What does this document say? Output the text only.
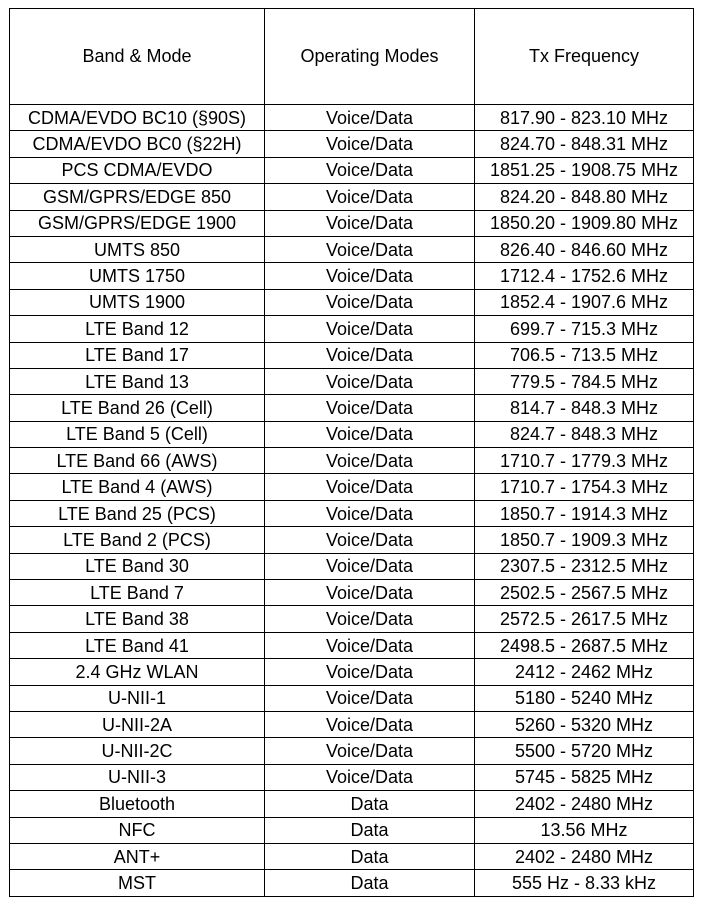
Band & Mode	Operating Modes	Tx Frequency
CDMA/EVDO BC10 (§90S)	Voice/Data	817.90 - 823.10 MHz
CDMA/EVDO BC0 (§22H)	Voice/Data	824.70 - 848.31 MHz
PCS CDMA/EVDO	Voice/Data	1851.25 - 1908.75 MHz
GSM/GPRS/EDGE 850	Voice/Data	824.20 - 848.80 MHz
GSM/GPRS/EDGE 1900	Voice/Data	1850.20 - 1909.80 MHz
UMTS 850	Voice/Data	826.40 - 846.60 MHz
UMTS 1750	Voice/Data	1712.4 - 1752.6 MHz
UMTS 1900	Voice/Data	1852.4 - 1907.6 MHz
LTE Band 12	Voice/Data	699.7 - 715.3 MHz
LTE Band 17	Voice/Data	706.5 - 713.5 MHz
LTE Band 13	Voice/Data	779.5 - 784.5 MHz
LTE Band 26 (Cell)	Voice/Data	814.7 - 848.3 MHz
LTE Band 5 (Cell)	Voice/Data	824.7 - 848.3 MHz
LTE Band 66 (AWS)	Voice/Data	1710.7 - 1779.3 MHz
LTE Band 4 (AWS)	Voice/Data	1710.7 - 1754.3 MHz
LTE Band 25 (PCS)	Voice/Data	1850.7 - 1914.3 MHz
LTE Band 2 (PCS)	Voice/Data	1850.7 - 1909.3 MHz
LTE Band 30	Voice/Data	2307.5 - 2312.5 MHz
LTE Band 7	Voice/Data	2502.5 - 2567.5 MHz
LTE Band 38	Voice/Data	2572.5 - 2617.5 MHz
LTE Band 41	Voice/Data	2498.5 - 2687.5 MHz
2.4 GHz WLAN	Voice/Data	2412 - 2462 MHz
U-NII-1	Voice/Data	5180 - 5240 MHz
U-NII-2A	Voice/Data	5260 - 5320 MHz
U-NII-2C	Voice/Data	5500 - 5720 MHz
U-NII-3	Voice/Data	5745 - 5825 MHz
Bluetooth	Data	2402 - 2480 MHz
NFC	Data	13.56 MHz
ANT+	Data	2402 - 2480 MHz
MST	Data	555 Hz - 8.33 kHz
